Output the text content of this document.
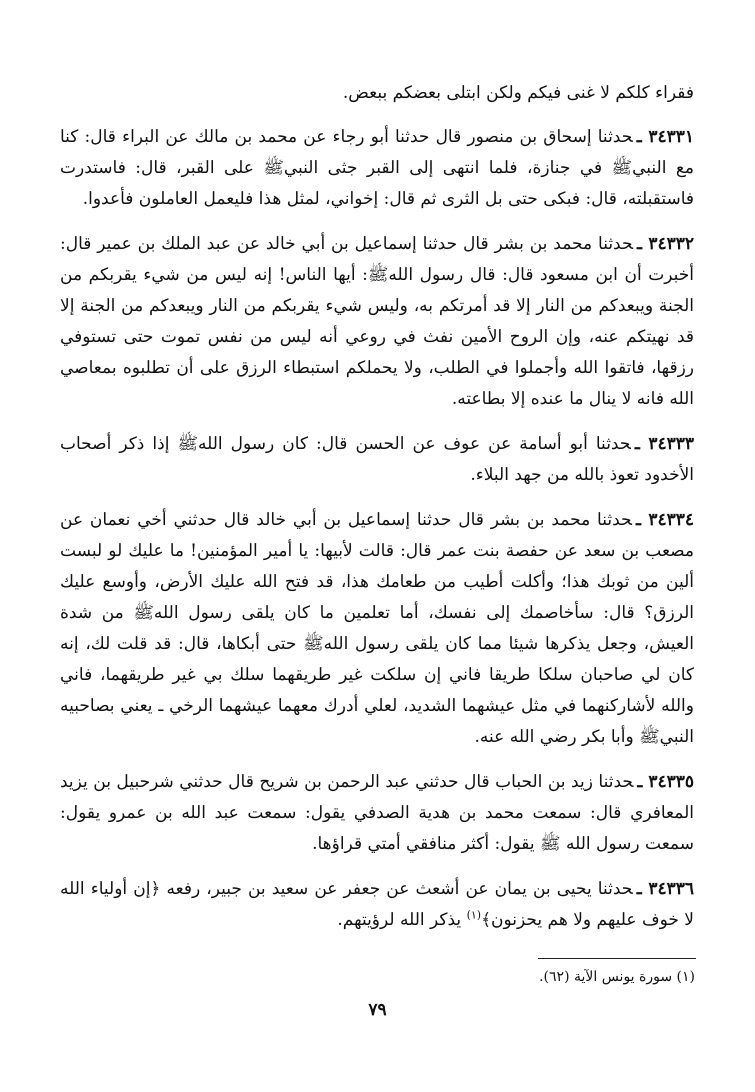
فقراء كلكم لا غنى فيكم ولكن ابتلى بعضكم ببعض.

٣٤٣٣١ ـحدثنا إسحاق بن منصور قال حدثنا أبو رجاء عن محمد بن مالك عن البراء قال: كنا مع النبيﷺ في جنازة، فلما انتهى إلى القبر جثى النبيﷺ على القبر، قال: فاستدرت فاستقبلته، قال: فبكى حتى بل الثرى ثم قال: إخواني، لمثل هذا فليعمل العاملون فأعدوا.

٣٤٣٣٢ ـحدثنا محمد بن بشر قال حدثنا إسماعيل بن أبي خالد عن عبد الملك بن عمير قال: أخبرت أن ابن مسعود قال: قال رسول اللهﷺ: أيها الناس! إنه ليس من شيء يقربكم من الجنة ويبعدكم من النار إلا قد أمرتكم به، وليس شيء يقربكم من النار ويبعدكم من الجنة إلا قد نهيتكم عنه، وإن الروح الأمين نفث في روعي أنه ليس من نفس تموت حتى تستوفي رزقها، فاتقوا الله وأجملوا في الطلب، ولا يحملكم استبطاء الرزق على أن تطلبوه بمعاصي الله فانه لا ينال ما عنده إلا بطاعته.

٣٤٣٣٣ ـحدثنا أبو أسامة عن عوف عن الحسن قال: كان رسول اللهﷺ إذا ذكر أصحاب الأخدود تعوذ بالله من جهد البلاء.

٣٤٣٣٤ ـحدثنا محمد بن بشر قال حدثنا إسماعيل بن أبي خالد قال حدثني أخي نعمان عن مصعب بن سعد عن حفصة بنت عمر قال: قالت لأبيها: يا أمير المؤمنين! ما عليك لو لبست ألين من ثوبك هذا؛ وأكلت أطيب من طعامك هذا، قد فتح الله عليك الأرض، وأوسع عليك الرزق؟ قال: سأخاصمك إلى نفسك، أما تعلمين ما كان يلقى رسول اللهﷺ من شدة العيش، وجعل يذكرها شيئا مما كان يلقى رسول اللهﷺ حتى أبكاها، قال: قد قلت لك، إنه كان لي صاحبان سلكا طريقا فاني إن سلكت غير طريقهما سلك بي غير طريقهما، فاني والله لأشاركنهما في مثل عيشهما الشديد، لعلي أدرك معهما عيشهما الرخي ـ يعني بصاحبيه النبيﷺ وأبا بكر رضي الله عنه.

٣٤٣٣٥ ـحدثنا زيد بن الحباب قال حدثني عبد الرحمن بن شريح قال حدثني شرحبيل بن يزيد المعافري قال: سمعت محمد بن هدية الصدفي يقول: سمعت عبد الله بن عمرو يقول: سمعت رسول الله ﷺ يقول: أكثر منافقي أمتي قراؤها.

٣٤٣٣٦ ـحدثنا يحيى بن يمان عن أشعث عن جعفر عن سعيد بن جبير، رفعه ﴿إن أولياء الله لا خوف عليهم ولا هم يحزنون﴾$^{(١)}$ يذكر الله لرؤيتهم.

(١) سورة يونس الآية (٦٢).
٧٩
